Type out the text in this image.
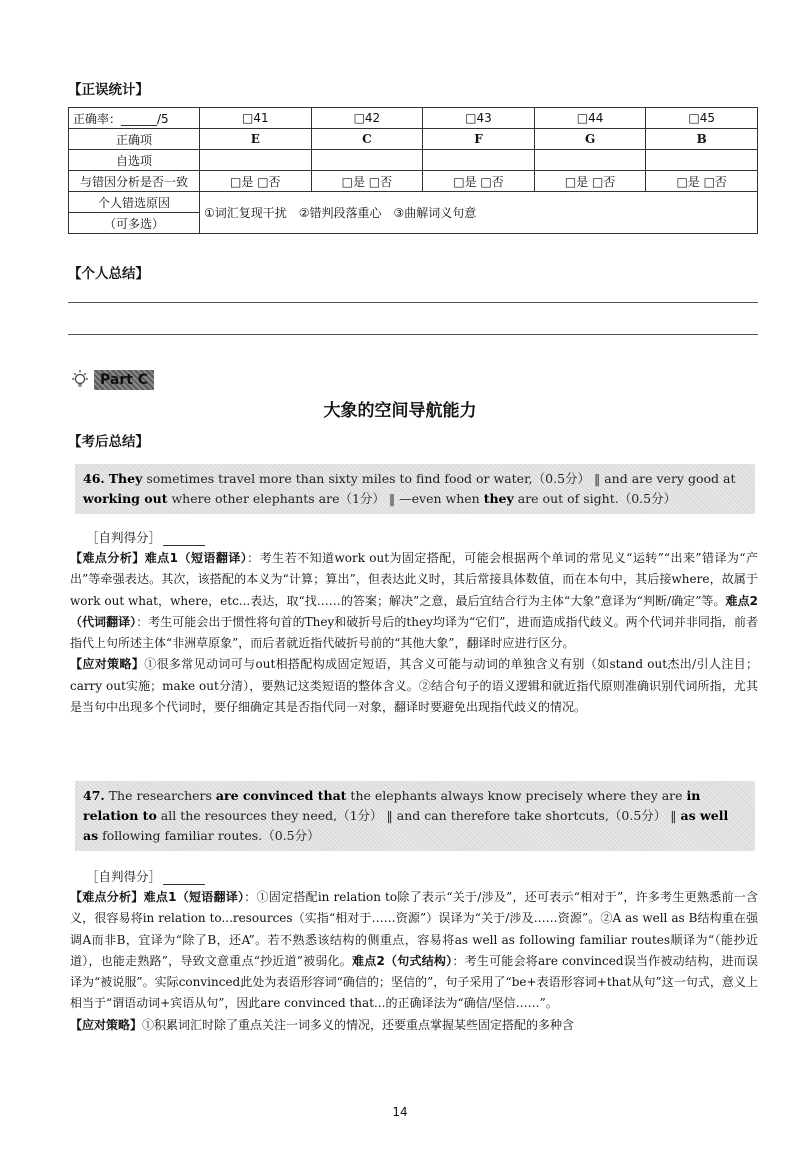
【正误统计】
正确率：______/5	□41	□42	□43	□44	□45
正确项	E	C	F	G	B
自选项					
与错因分析是否一致	□是 □否	□是 □否	□是 □否	□是 □否	□是 □否
个人错选原因	①词汇复现干扰　②错判段落重心　③曲解词义句意				
（可多选）					
【个人总结】
Part C
大象的空间导航能力
【考后总结】
46. They sometimes travel more than sixty miles to find food or water,（0.5分） ‖ and are very good at working out where other elephants are（1分） ‖ —even when they are out of sight.（0.5分）
［自判得分］
【难点分析】难点1（短语翻译）：考生若不知道work out为固定搭配，可能会根据两个单词的常见义“运转”“出来”错译为“产出”等牵强表达。其次，该搭配的本义为“计算；算出”，但表达此义时，其后常接具体数值，而在本句中，其后接where，故属于work out what，where，etc...表达，取“找……的答案；解决”之意，最后宜结合行为主体“大象”意译为“判断/确定”等。难点2（代词翻译）：考生可能会出于惯性将句首的They和破折号后的they均译为“它们”，进而造成指代歧义。两个代词并非同指，前者指代上句所述主体“非洲草原象”，而后者就近指代破折号前的“其他大象”，翻译时应进行区分。
【应对策略】①很多常见动词可与out相搭配构成固定短语，其含义可能与动词的单独含义有别（如stand out杰出/引人注目；carry out实施；make out分清），要熟记这类短语的整体含义。②结合句子的语义逻辑和就近指代原则准确识别代词所指，尤其是当句中出现多个代词时，要仔细确定其是否指代同一对象，翻译时要避免出现指代歧义的情况。
47. The researchers are convinced that the elephants always know precisely where they are in relation to all the resources they need,（1分） ‖ and can therefore take shortcuts,（0.5分） ‖ as well as following familiar routes.（0.5分）
［自判得分］
【难点分析】难点1（短语翻译）：①固定搭配in relation to除了表示“关于/涉及”，还可表示“相对于”，许多考生更熟悉前一含义，很容易将in relation to...resources（实指“相对于……资源”）误译为“关于/涉及……资源”。②A as well as B结构重在强调A而非B，宜译为“除了B，还A”。若不熟悉该结构的侧重点，容易将as well as following familiar routes顺译为“（能抄近道），也能走熟路”，导致文意重点“抄近道”被弱化。难点2（句式结构）：考生可能会将are convinced误当作被动结构，进而误译为“被说服”。实际convinced此处为表语形容词“确信的；坚信的”，句子采用了“be+表语形容词+that从句”这一句式，意义上相当于“谓语动词+宾语从句”，因此are convinced that...的正确译法为“确信/坚信……”。
【应对策略】①积累词汇时除了重点关注一词多义的情况，还要重点掌握某些固定搭配的多种含
14
